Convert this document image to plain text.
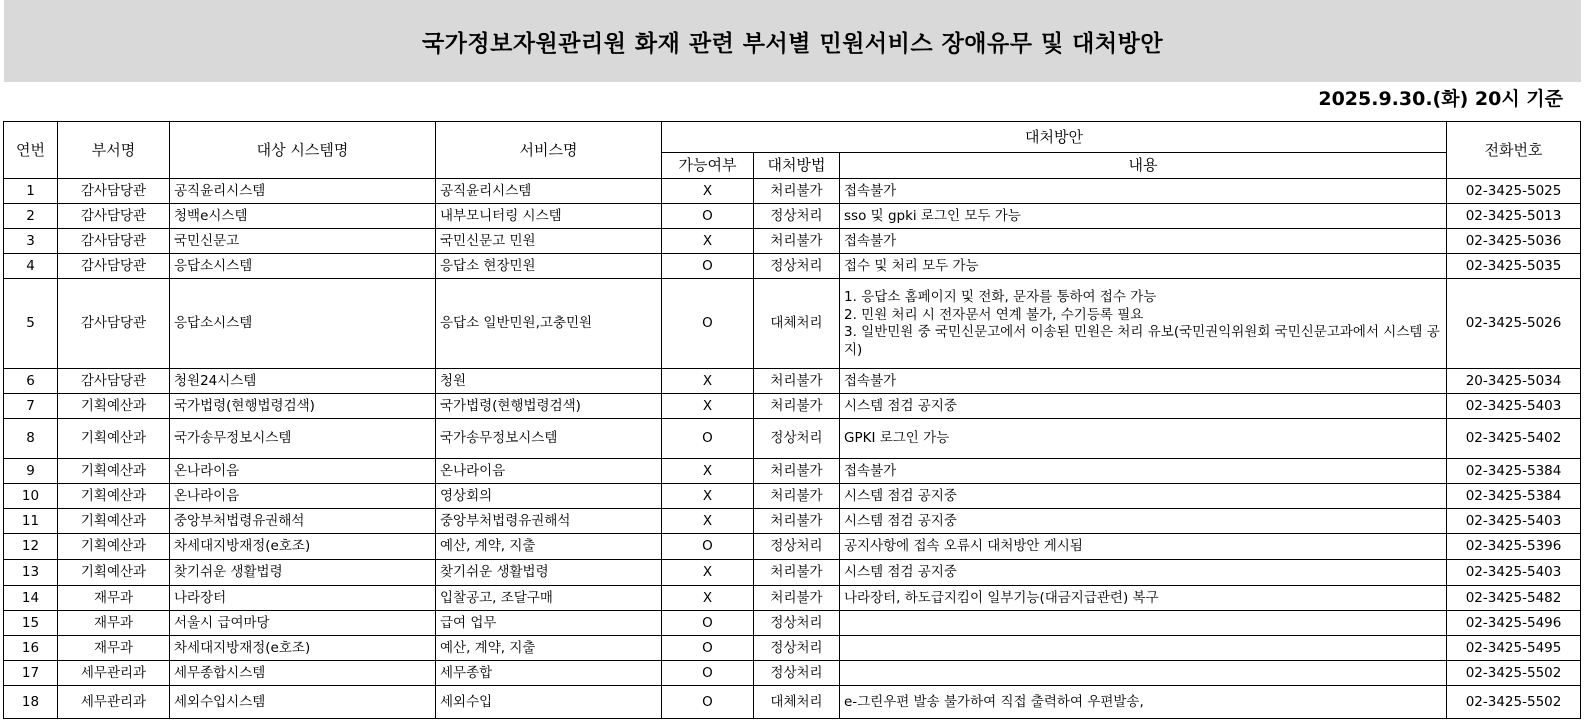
국가정보자원관리원 화재 관련 부서별 민원서비스 장애유무 및 대처방안
2025.9.30.(화) 20시 기준
연번	부서명	대상 시스템명	서비스명	대처방안			전화번호
				가능여부	대처방법	내용	
1	감사담당관	공직윤리시스템	공직윤리시스템	X	처리불가	접속불가	02-3425-5025
2	감사담당관	청백e시스템	내부모니터링 시스템	O	정상처리	sso 및 gpki 로그인 모두 가능	02-3425-5013
3	감사담당관	국민신문고	국민신문고 민원	X	처리불가	접속불가	02-3425-5036
4	감사담당관	응답소시스템	응답소 현장민원	O	정상처리	접수 및 처리 모두 가능	02-3425-5035
5	감사담당관	응답소시스템	응답소 일반민원,고충민원	O	대체처리	1. 응답소 홈페이지 및 전화, 문자를 통하여 접수 가능
2. 민원 처리 시 전자문서 연계 불가, 수기등록 필요
3. 일반민원 중 국민신문고에서 이송된 민원은 처리 유보(국민권익위원회 국민신문고과에서 시스템 공지)	02-3425-5026
6	감사담당관	청원24시스템	청원	X	처리불가	접속불가	20-3425-5034
7	기획예산과	국가법령(현행법령검색)	국가법령(현행법령검색)	X	처리불가	시스템 점검 공지중	02-3425-5403
8	기획예산과	국가송무정보시스템	국가송무정보시스템	O	정상처리	GPKI 로그인 가능	02-3425-5402
9	기획예산과	온나라이음	온나라이음	X	처리불가	접속불가	02-3425-5384
10	기획예산과	온나라이음	영상회의	X	처리불가	시스템 점검 공지중	02-3425-5384
11	기획예산과	중앙부처법령유권해석	중앙부처법령유권해석	X	처리불가	시스템 점검 공지중	02-3425-5403
12	기획예산과	차세대지방재정(e호조)	예산, 계약, 지출	O	정상처리	공지사항에 접속 오류시 대처방안 게시됨	02-3425-5396
13	기획예산과	찾기쉬운 생활법령	찾기쉬운 생활법령	X	처리불가	시스템 점검 공지중	02-3425-5403
14	재무과	나라장터	입찰공고, 조달구매	X	처리불가	나라장터, 하도급지킴이 일부기능(대금지급관련) 복구	02-3425-5482
15	재무과	서울시 급여마당	급여 업무	O	정상처리		02-3425-5496
16	재무과	차세대지방재정(e호조)	예산, 계약, 지출	O	정상처리		02-3425-5495
17	세무관리과	세무종합시스템	세무종합	O	정상처리		02-3425-5502
18	세무관리과	세외수입시스템	세외수입	O	대체처리	e-그린우편 발송 불가하여 직접 출력하여 우편발송,	02-3425-5502
